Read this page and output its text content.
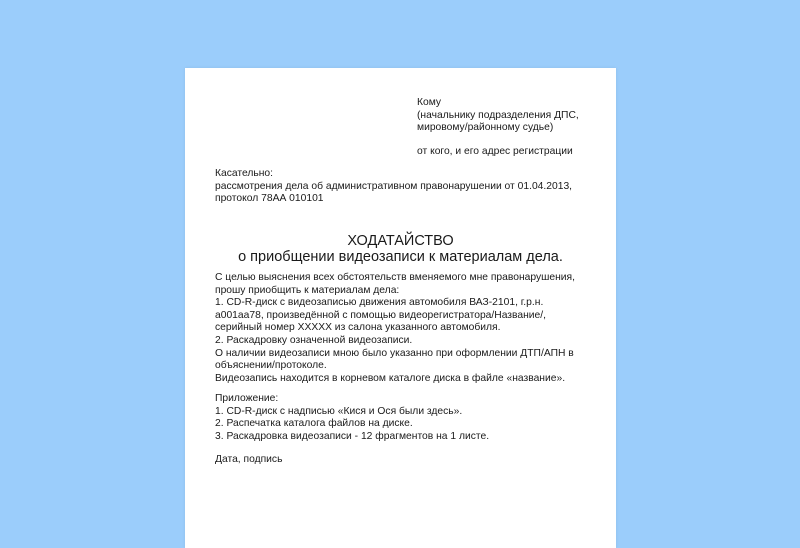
Кому
(начальнику подразделения ДПС,
мировому/районному судье)
от кого, и его адрес регистрации
Касательно:
рассмотрения дела об административном правонарушении от 01.04.2013,
протокол 78АА 010101
ХОДАТАЙСТВО
о приобщении видеозаписи к материалам дела.
С целью выяснения всех обстоятельств вменяемого мне правонарушения,
прошу приобщить к материалам дела:
1. CD-R-диск с видеозаписью движения автомобиля ВАЗ-2101, г.р.н.
а001аа78, произведённой с помощью видеорегистратора/Название/,
серийный номер ХХХХХ из салона указанного автомобиля.
2. Раскадровку означенной видеозаписи.
О наличии видеозаписи мною было указанно при оформлении ДТП/АПН в
объяснении/протоколе.
Видеозапись находится в корневом каталоге диска в файле «название».
Приложение:
1. CD-R-диск с надписью «Кися и Ося были здесь».
2. Распечатка каталога файлов на диске.
3. Раскадровка видеозаписи - 12 фрагментов на 1 листе.
Дата, подпись
